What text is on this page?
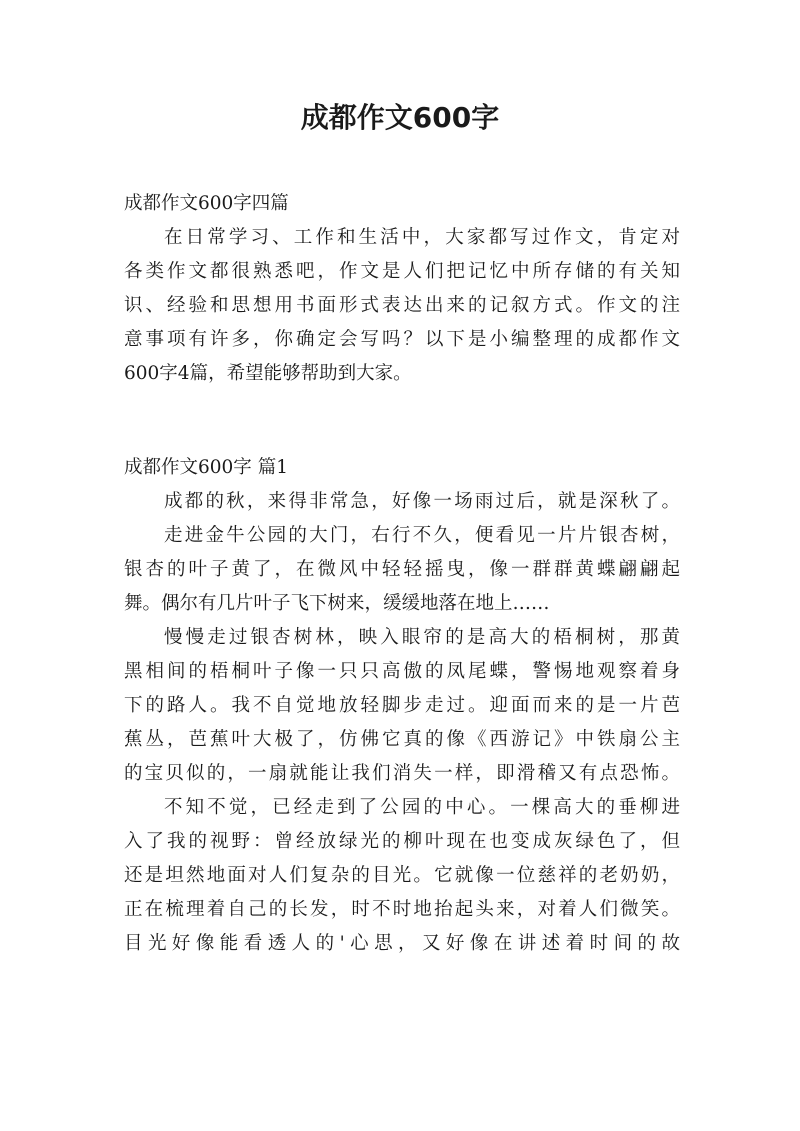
成都作文600字
成都作文600字四篇
在日常学习、工作和生活中，大家都写过作文，肯定对
各类作文都很熟悉吧，作文是人们把记忆中所存储的有关知
识、经验和思想用书面形式表达出来的记叙方式。作文的注
意事项有许多，你确定会写吗？以下是小编整理的成都作文
600字4篇，希望能够帮助到大家。
成都作文600字 篇1
成都的秋，来得非常急，好像一场雨过后，就是深秋了。
走进金牛公园的大门，右行不久，便看见一片片银杏树，
银杏的叶子黄了，在微风中轻轻摇曳，像一群群黄蝶翩翩起
舞。偶尔有几片叶子飞下树来，缓缓地落在地上……
慢慢走过银杏树林，映入眼帘的是高大的梧桐树，那黄
黑相间的梧桐叶子像一只只高傲的凤尾蝶，警惕地观察着身
下的路人。我不自觉地放轻脚步走过。迎面而来的是一片芭
蕉丛，芭蕉叶大极了，仿佛它真的像《西游记》中铁扇公主
的宝贝似的，一扇就能让我们消失一样，即滑稽又有点恐怖。
不知不觉，已经走到了公园的中心。一棵高大的垂柳进
入了我的视野：曾经放绿光的柳叶现在也变成灰绿色了，但
还是坦然地面对人们复杂的目光。它就像一位慈祥的老奶奶，
正在梳理着自己的长发，时不时地抬起头来，对着人们微笑。
目光好像能看透人的'心思，又好像在讲述着时间的故
